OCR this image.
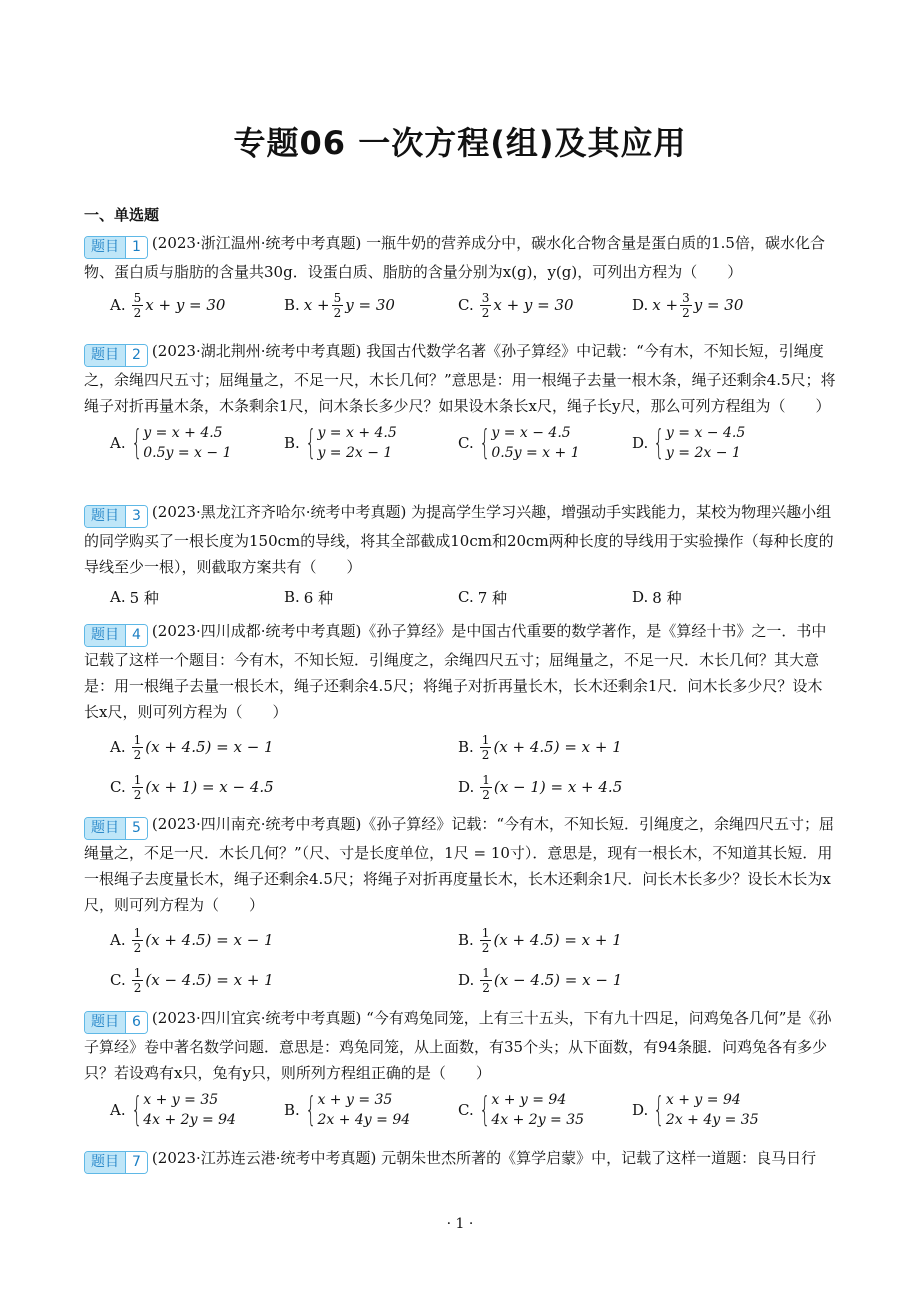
专题06 一次方程(组)及其应用
一、单选题

题目 1 (2023·浙江温州·统考中考真题) 一瓶牛奶的营养成分中，碳水化合物含量是蛋白质的1.5倍，碳水化合物、蛋白质与脂肪的含量共30g．设蛋白质、脂肪的含量分别为x(g)，y(g)，可列出方程为（　　）

A. $\frac{5}{2}$ x + y = 30	B. $x + \frac{5}{2}$ y = 30	C. $\frac{3}{2}$ x + y = 30	D. $x + \frac{3}{2}$ y = 30

题目 2 (2023·湖北荆州·统考中考真题) 我国古代数学名著《孙子算经》中记载：“今有木，不知长短，引绳度之，余绳四尺五寸；屈绳量之，不足一尺，木长几何？”意思是：用一根绳子去量一根木条，绳子还剩余4.5尺；将绳子对折再量木条，木条剩余1尺，问木条长多少尺？如果设木条长x尺，绳子长y尺，那么可列方程组为（　　）

A. { y = x + 4.5
0.5y = x − 1
B. { y = x + 4.5
y = 2x − 1
C. { y = x − 4.5
0.5y = x + 1
D. { y = x − 4.5
y = 2x − 1

题目 3 (2023·黑龙江齐齐哈尔·统考中考真题) 为提高学生学习兴趣，增强动手实践能力，某校为物理兴趣小组的同学购买了一根长度为150cm的导线，将其全部截成10cm和20cm两种长度的导线用于实验操作（每种长度的导线至少一根），则截取方案共有（　　）

A. 5 种	B. 6 种	C. 7 种	D. 8 种

题目 4 (2023·四川成都·统考中考真题)《孙子算经》是中国古代重要的数学著作，是《算经十书》之一．书中记载了这样一个题目：今有木，不知长短．引绳度之，余绳四尺五寸；屈绳量之，不足一尺．木长几何？其大意是：用一根绳子去量一根长木，绳子还剩余4.5尺；将绳子对折再量长木，长木还剩余1尺．问木长多少尺？设木长x尺，则可列方程为（　　）

A. $\frac{1}{2} (x + 4.5) = x - 1$	B. $\frac{1}{2} (x + 4.5) = x + 1$
C. $\frac{1}{2} (x + 1) = x - 4.5$	D. $\frac{1}{2} (x - 1) = x + 4.5$

题目 5 (2023·四川南充·统考中考真题)《孙子算经》记载：“今有木，不知长短．引绳度之，余绳四尺五寸；屈绳量之，不足一尺．木长几何？”（尺、寸是长度单位，1尺 = 10寸）．意思是，现有一根长木，不知道其长短．用一根绳子去度量长木，绳子还剩余4.5尺；将绳子对折再度量长木，长木还剩余1尺．问长木长多少？设长木长为x尺，则可列方程为（　　）

A. $\frac{1}{2} (x + 4.5) = x - 1$	B. $\frac{1}{2} (x + 4.5) = x + 1$
C. $\frac{1}{2} (x - 4.5) = x + 1$	D. $\frac{1}{2} (x - 4.5) = x - 1$

题目 6 (2023·四川宜宾·统考中考真题) “今有鸡兔同笼，上有三十五头，下有九十四足，问鸡兔各几何”是《孙子算经》卷中著名数学问题．意思是：鸡兔同笼，从上面数，有35个头；从下面数，有94条腿．问鸡兔各有多少只？若设鸡有x只，兔有y只，则所列方程组正确的是（　　）

A. { x + y = 35
4x + 2y = 94
B. { x + y = 35
2x + 4y = 94
C. { x + y = 94
4x + 2y = 35
D. { x + y = 94
2x + 4y = 35

题目 7 (2023·江苏连云港·统考中考真题) 元朝朱世杰所著的《算学启蒙》中，记载了这样一道题：良马日行

· 1 ·
